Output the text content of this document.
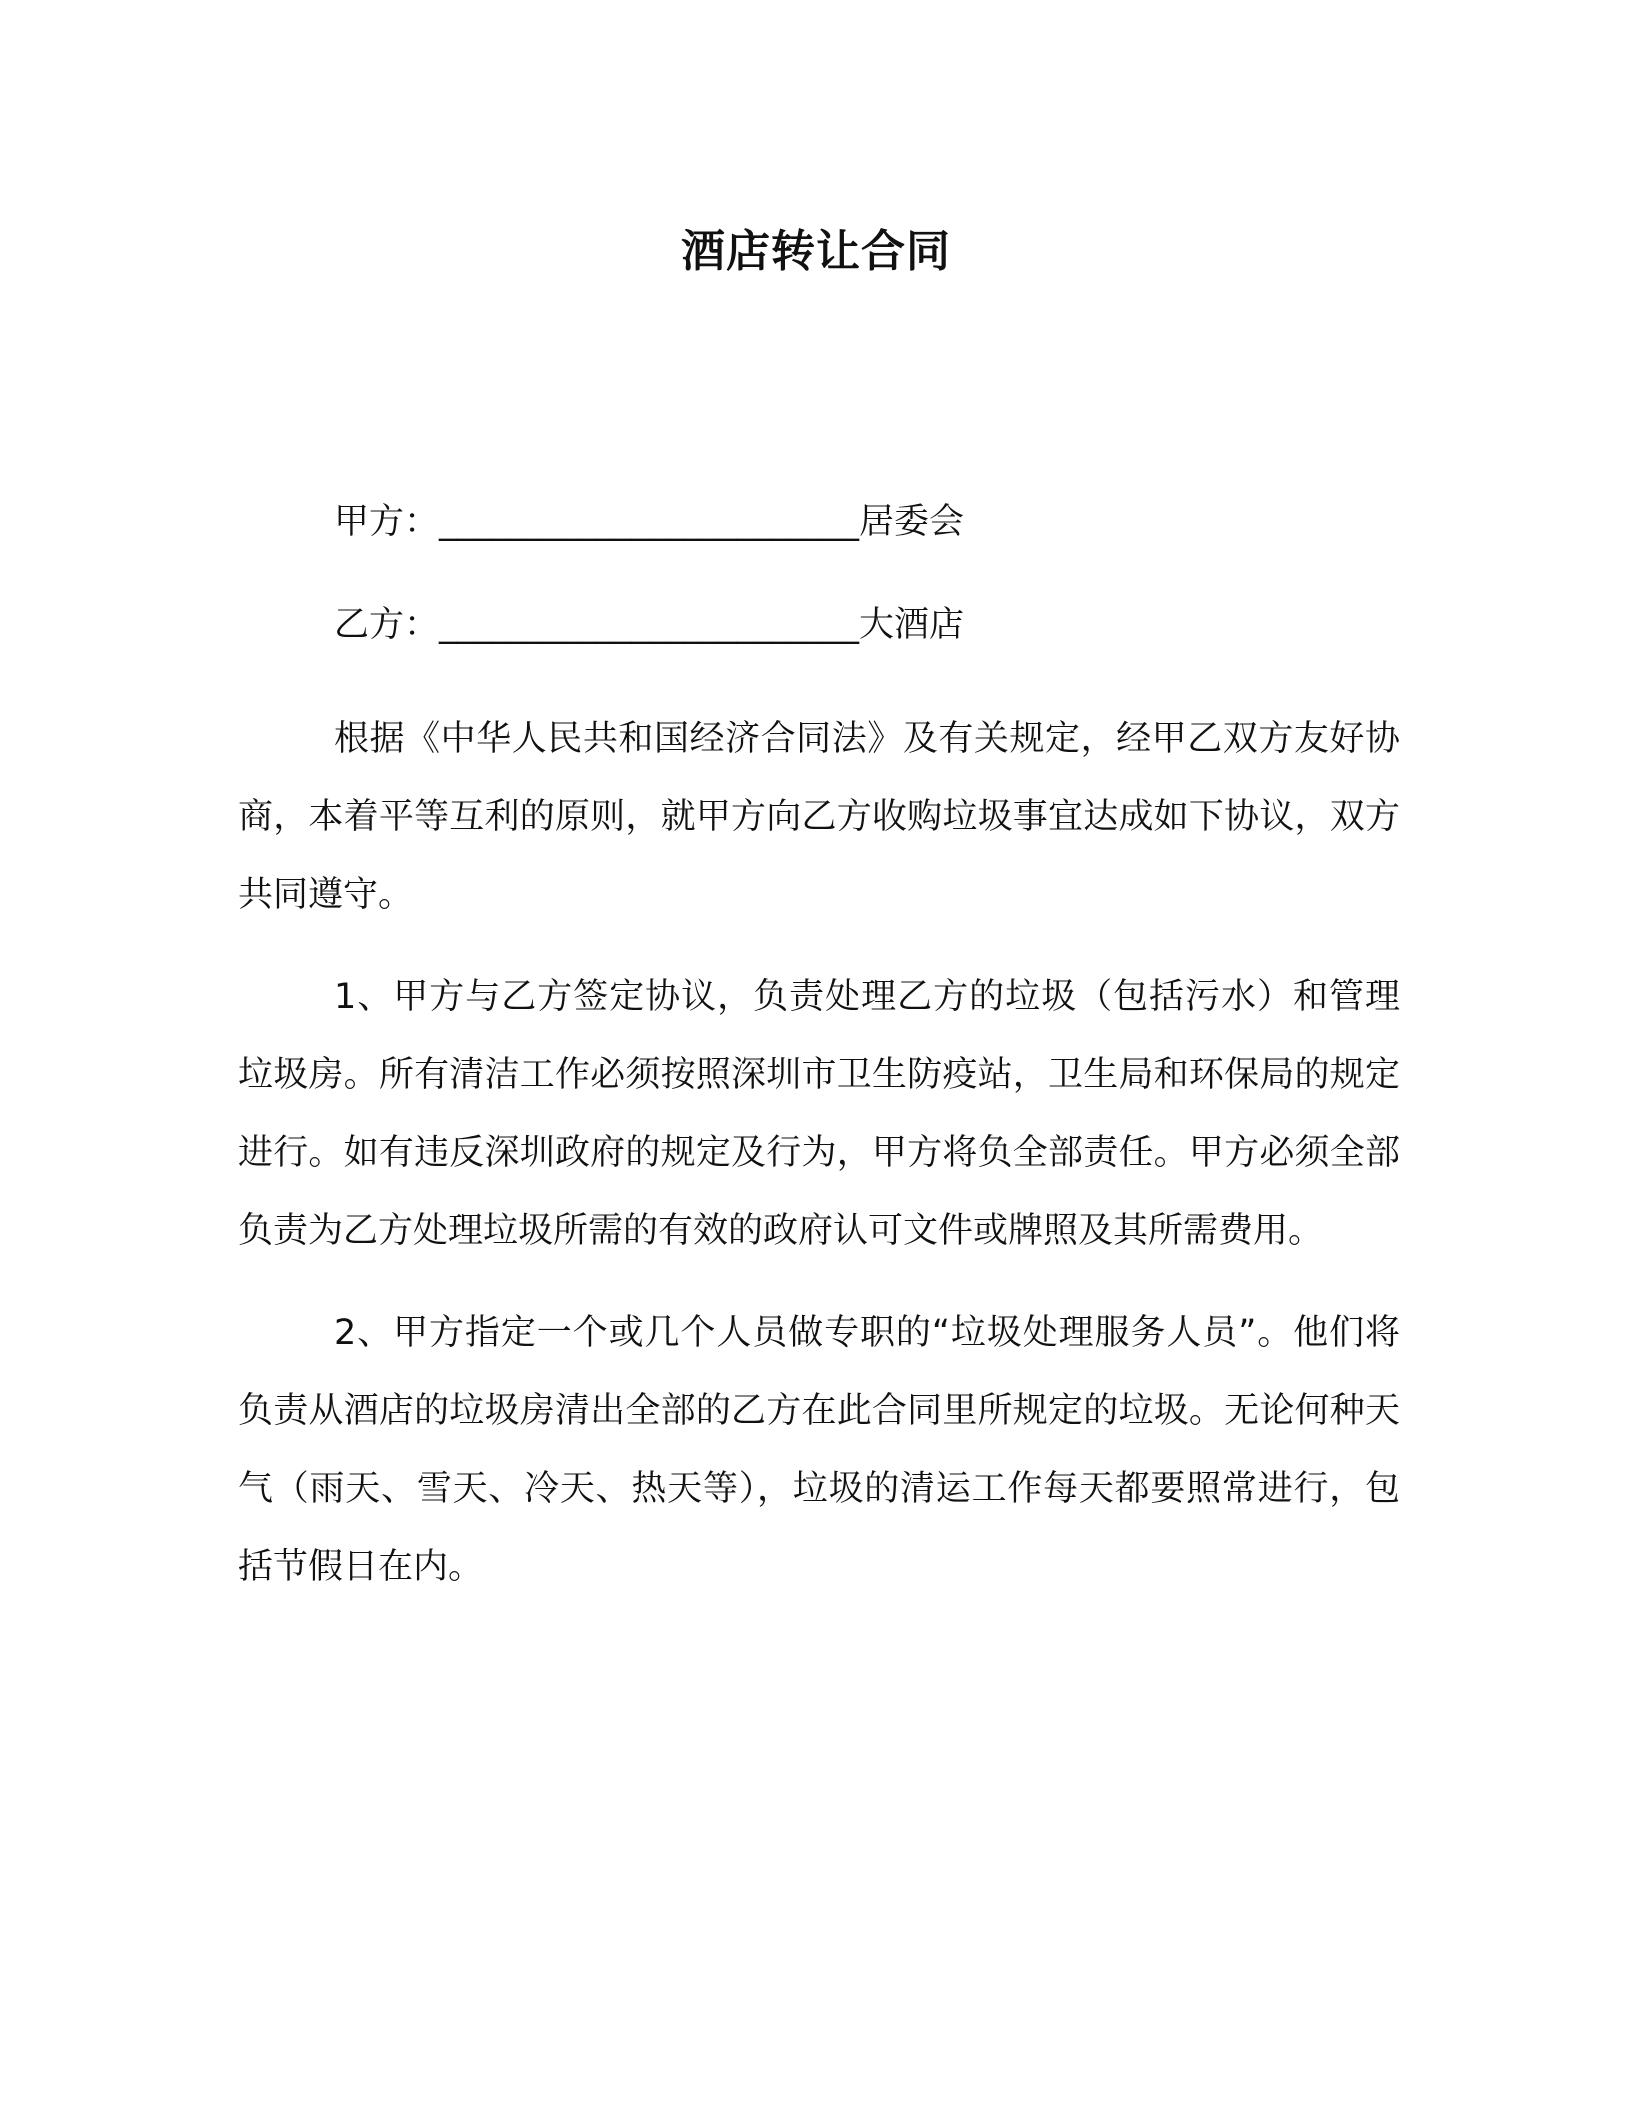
酒店转让合同
甲方：________________________居委会
乙方：________________________大酒店

根据《中华人民共和国经济合同法》及有关规定，经甲乙双方友好协商，本着平等互利的原则，就甲方向乙方收购垃圾事宜达成如下协议，双方共同遵守。

1、甲方与乙方签定协议，负责处理乙方的垃圾（包括污水）和管理垃圾房。所有清洁工作必须按照深圳市卫生防疫站，卫生局和环保局的规定进行。如有违反深圳政府的规定及行为，甲方将负全部责任。甲方必须全部负责为乙方处理垃圾所需的有效的政府认可文件或牌照及其所需费用。

2、甲方指定一个或几个人员做专职的“垃圾处理服务人员”。他们将负责从酒店的垃圾房清出全部的乙方在此合同里所规定的垃圾。无论何种天气（雨天、雪天、冷天、热天等），垃圾的清运工作每天都要照常进行，包括节假日在内。
